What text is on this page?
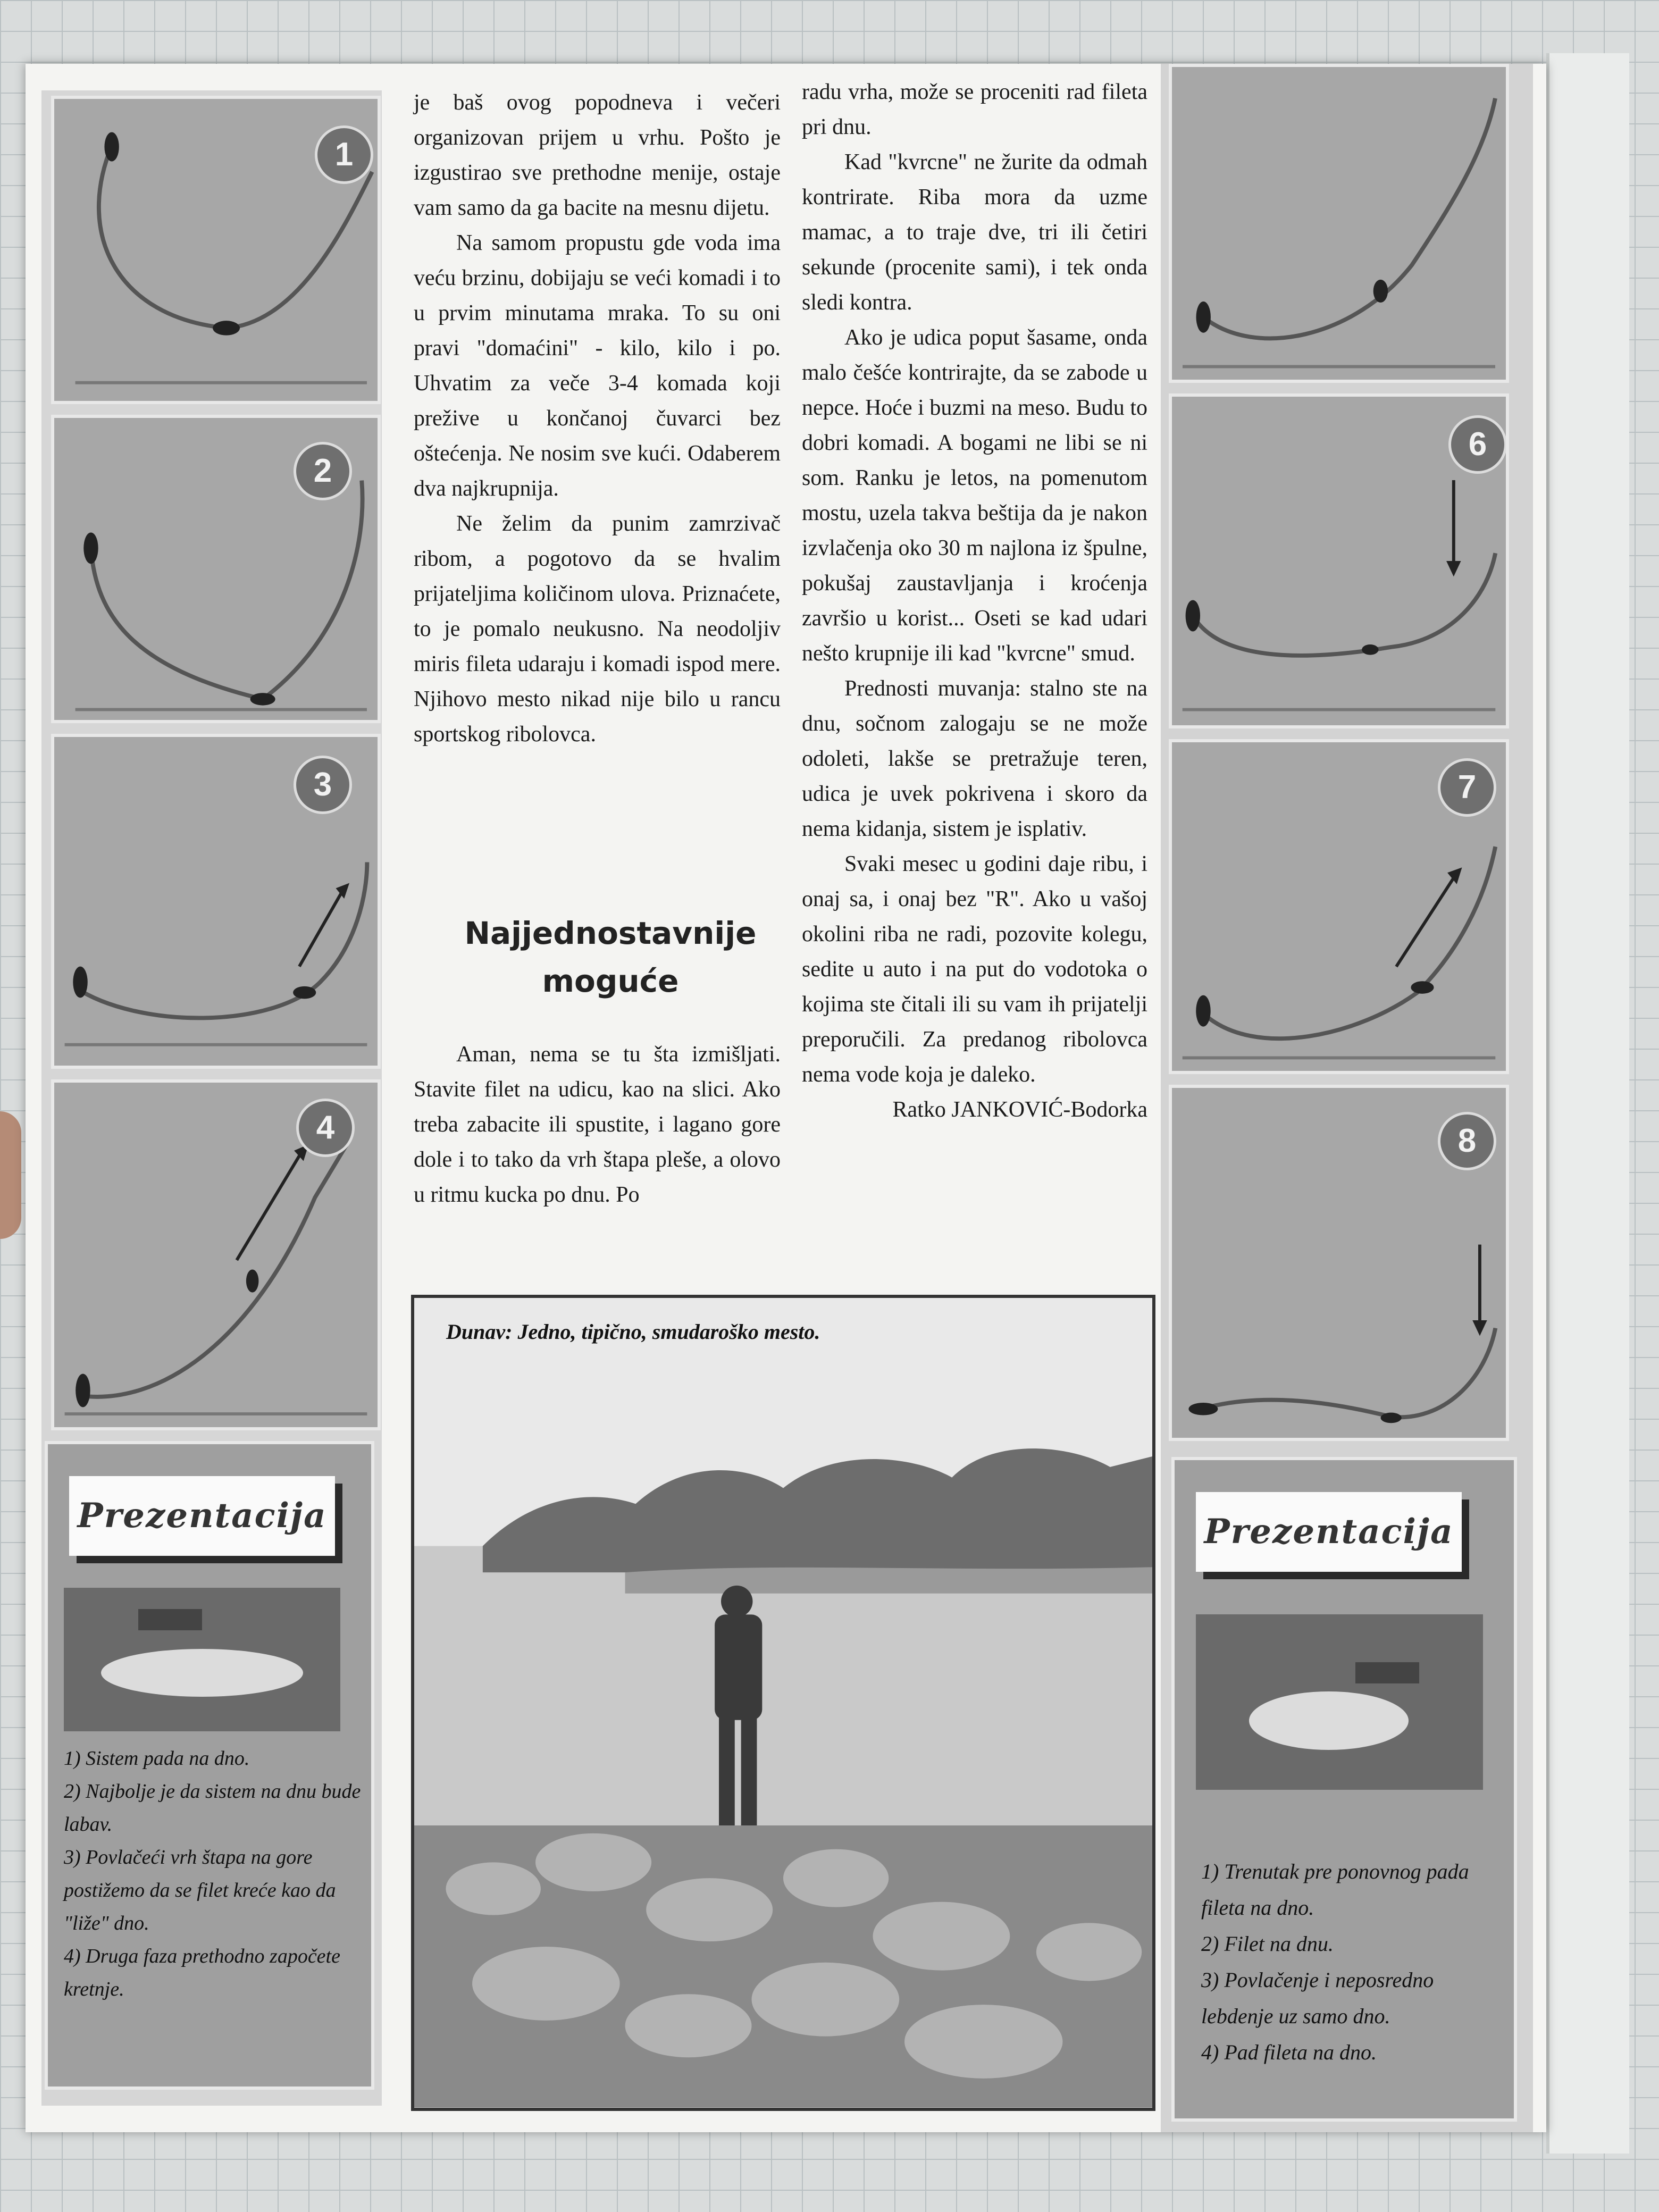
1
2
3
4
Prezentacija

1) Sistem pada na dno.

2) Najbolje je da sistem na dnu bude labav.

3) Povlačeći vrh štapa na gore postižemo da se filet kreće kao da "liže" dno.

4) Druga faza prethodno započete kretnje.

je baš ovog popodneva i večeri organizovan prijem u vrhu. Pošto je izgustirao sve prethodne menije, ostaje vam samo da ga bacite na mesnu dijetu.

Na samom propustu gde voda ima veću brzinu, dobijaju se veći komadi i to u prvim minutama mraka. To su oni pravi "domaćini" - kilo, kilo i po. Uhvatim za veče 3-4 komada koji prežive u končanoj čuvarci bez oštećenja. Ne nosim sve kući. Odaberem dva najkrupnija.

Ne želim da punim zamrzivač ribom, a pogotovo da se hvalim prijateljima količinom ulova. Priznaćete, to je pomalo neukusno. Na neodoljiv miris fileta udaraju i komadi ispod mere. Njihovo mesto nikad nije bilo u rancu sportskog ribolovca.

Najjednostavnije moguće

Aman, nema se tu šta izmišljati. Stavite filet na udicu, kao na slici. Ako treba zabacite ili spustite, i lagano gore dole i to tako da vrh štapa pleše, a olovo u ritmu kucka po dnu. Po

radu vrha, može se proceniti rad fileta pri dnu.

Kad "kvrcne" ne žurite da odmah kontrirate. Riba mora da uzme mamac, a to traje dve, tri ili četiri sekunde (procenite sami), i tek onda sledi kontra.

Ako je udica poput šasame, onda malo češće kontrirajte, da se zabode u nepce. Hoće i buzmi na meso. Budu to dobri komadi. A bogami ne libi se ni som. Ranku je letos, na pomenutom mostu, uzela takva beštija da je nakon izvlačenja oko 30 m najlona iz špulne, pokušaj zaustavljanja i kroćenja završio u korist... Oseti se kad udari nešto krupnije ili kad "kvrcne" smud.

Prednosti muvanja: stalno ste na dnu, sočnom zalogaju se ne može odoleti, lakše se pretražuje teren, udica je uvek pokrivena i skoro da nema kidanja, sistem je isplativ.

Svaki mesec u godini daje ribu, i onaj sa, i onaj bez "R". Ako u vašoj okolini riba ne radi, pozovite kolegu, sedite u auto i na put do vodotoka o kojima ste čitali ili su vam ih prijatelji preporučili. Za predanog ribolovca nema vode koja je daleko.

Ratko JANKOVIĆ-Bodorka

Dunav: Jedno, tipično, smudaroško mesto.
6
7
8
Prezentacija

1) Trenutak pre ponovnog pada fileta na dno.

2) Filet na dnu.

3) Povlačenje i neposredno lebdenje uz samo dno.

4) Pad fileta na dno.
